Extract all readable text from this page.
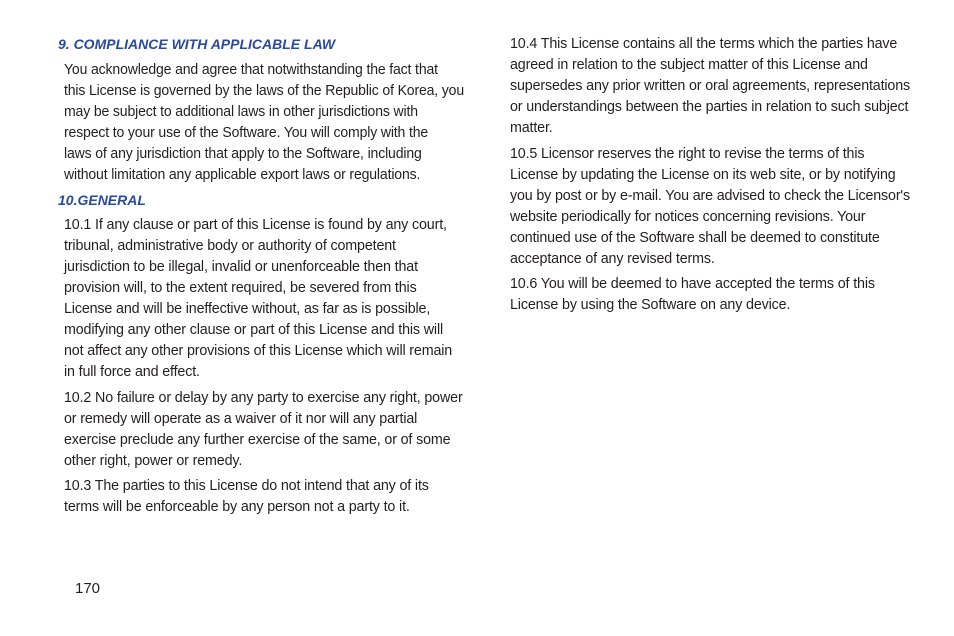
9. COMPLIANCE WITH APPLICABLE LAW
You acknowledge and agree that notwithstanding the fact that
this License is governed by the laws of the Republic of Korea, you
may be subject to additional laws in other jurisdictions with
respect to your use of the Software. You will comply with the
laws of any jurisdiction that apply to the Software, including
without limitation any applicable export laws or regulations.
10.GENERAL
10.1 If any clause or part of this License is found by any court,
tribunal, administrative body or authority of competent
jurisdiction to be illegal, invalid or unenforceable then that
provision will, to the extent required, be severed from this
License and will be ineffective without, as far as is possible,
modifying any other clause or part of this License and this will
not affect any other provisions of this License which will remain
in full force and effect.
10.2 No failure or delay by any party to exercise any right, power
or remedy will operate as a waiver of it nor will any partial
exercise preclude any further exercise of the same, or of some
other right, power or remedy.
10.3 The parties to this License do not intend that any of its
terms will be enforceable by any person not a party to it.
10.4 This License contains all the terms which the parties have
agreed in relation to the subject matter of this License and
supersedes any prior written or oral agreements, representations
or understandings between the parties in relation to such subject
matter.
10.5 Licensor reserves the right to revise the terms of this
License by updating the License on its web site, or by notifying
you by post or by e-mail. You are advised to check the Licensor's
website periodically for notices concerning revisions. Your
continued use of the Software shall be deemed to constitute
acceptance of any revised terms.
10.6 You will be deemed to have accepted the terms of this
License by using the Software on any device.
170
